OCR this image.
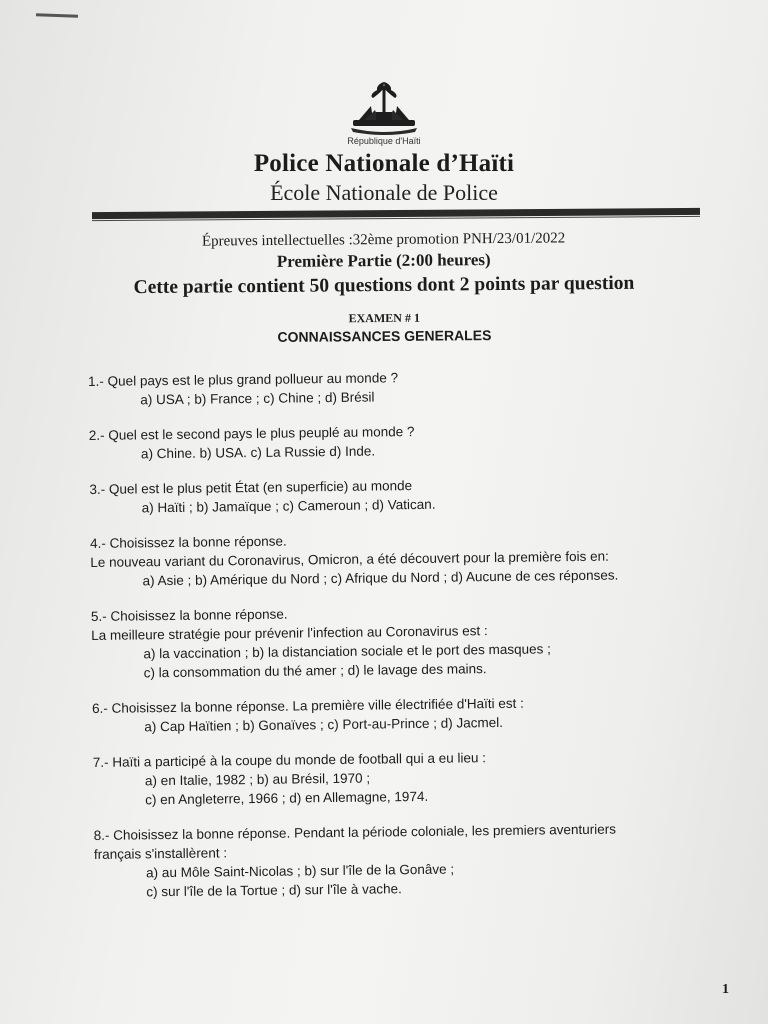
République d'Haïti
Police Nationale d’Haïti
École Nationale de Police
Épreuves intellectuelles :32ème promotion PNH/23/01/2022
Première Partie (2:00 heures)
Cette partie contient 50 questions dont 2 points par question
EXAMEN # 1
CONNAISSANCES GENERALES
1.- Quel pays est le plus grand pollueur au monde ?
a) USA ; b) France ; c) Chine ; d) Brésil
2.- Quel est le second pays le plus peuplé au monde ?
a) Chine. b) USA. c) La Russie d) Inde.
3.- Quel est le plus petit État (en superficie) au monde
a) Haïti ; b) Jamaïque ; c) Cameroun ; d) Vatican.
4.- Choisissez la bonne réponse.
Le nouveau variant du Coronavirus, Omicron, a été découvert pour la première fois en:
a) Asie ; b) Amérique du Nord ; c) Afrique du Nord ; d) Aucune de ces réponses.
5.- Choisissez la bonne réponse.
La meilleure stratégie pour prévenir l'infection au Coronavirus est :
a) la vaccination ; b) la distanciation sociale et le port des masques ;
c) la consommation du thé amer ; d) le lavage des mains.
6.- Choisissez la bonne réponse. La première ville électrifiée d'Haïti est :
a) Cap Haïtien ; b) Gonaïves ; c) Port-au-Prince ; d) Jacmel.
7.- Haïti a participé à la coupe du monde de football qui a eu lieu :
a) en Italie, 1982 ; b) au Brésil, 1970 ;
c) en Angleterre, 1966 ; d) en Allemagne, 1974.
8.- Choisissez la bonne réponse. Pendant la période coloniale, les premiers aventuriers
français s'installèrent :
a) au Môle Saint-Nicolas ; b) sur l'île de la Gonâve ;
c) sur l'île de la Tortue ; d) sur l'île à vache.
1
